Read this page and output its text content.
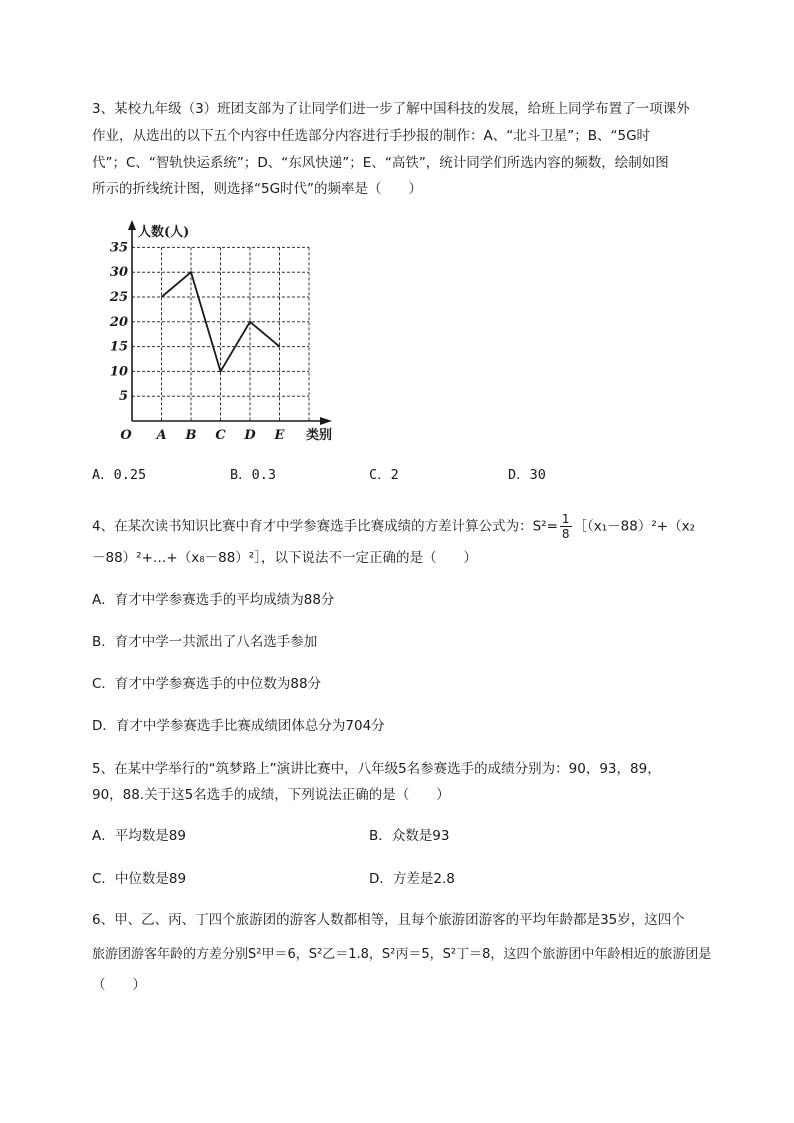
3、某校九年级（3）班团支部为了让同学们进一步了解中国科技的发展，给班上同学布置了一项课外
作业，从选出的以下五个内容中任选部分内容进行手抄报的制作：A、“北斗卫星”；B、“5G时
代”；C、“智轨快运系统”；D、“东风快递”；E、“高铁”，统计同学们所选内容的频数，绘制如图
所示的折线统计图，则选择“5G时代”的频率是（　　）
5
10
15
20
25
30
35
A B C D E
人数(人)
类别
O
A．0.25	B．0.3	C．2	D．30
4、在某次读书知识比赛中育才中学参赛选手比赛成绩的方差计算公式为：$S^2= \frac{1}{8}$ ［（x₁－88）²+（x₂
－88）²+…+（x₈－88）²］，以下说法不一定正确的是（　　）
A．育才中学参赛选手的平均成绩为88分
B．育才中学一共派出了八名选手参加
C．育才中学参赛选手的中位数为88分
D．育才中学参赛选手比赛成绩团体总分为704分
5、在某中学举行的“筑梦路上”演讲比赛中，八年级5名参赛选手的成绩分别为：90，93，89，
90，88.关于这5名选手的成绩，下列说法正确的是（　　）
A．平均数是89	B．众数是93
C．中位数是89	D．方差是2.8
6、甲、乙、丙、丁四个旅游团的游客人数都相等，且每个旅游团游客的平均年龄都是35岁，这四个
旅游团游客年龄的方差分别S²甲＝6，S²乙＝1.8，S²丙＝5，S²丁＝8，这四个旅游团中年龄相近的旅游团是
（　　）
